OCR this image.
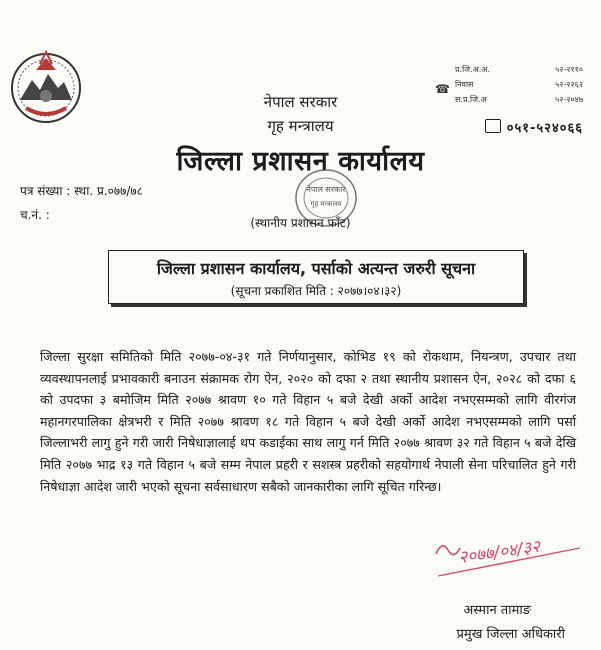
नेपाल सरकार
गृह मन्त्रालय
जिल्ला प्रशासन कार्यालय
☎
प्र.जि.अ.अ.	५२-२११०
निवास	५२-२२६२
स.प्र.जि.अ	५२-२०४७
०५१-५२४०६६
पत्र संख्या : स्था. प्र.०७७/७८
च.नं. :
नेपाल सरकार
गृह मन्त्रालय
(स्थानीय प्रशासन फाँट)
जिल्ला प्रशासन कार्यालय, पर्साको अत्यन्त जरुरी सूचना
(सूचना प्रकाशित मिति : २०७७।०४।३२)
जिल्ला सुरक्षा समितिको मिति २०७७-०४-३१ गते निर्णयानुसार, कोभिड १९ को रोकथाम, नियन्त्रण, उपचार तथा व्यवस्थापनलाई प्रभावकारी बनाउन संक्रामक रोग ऐन, २०२० को दफा २ तथा स्थानीय प्रशासन ऐन, २०२८ को दफा ६ को उपदफा ३ बमोजिम मिति २०७७ श्रावण १० गते विहान ५ बजे देखी अर्को आदेश नभएसम्मको लागि वीरगंज महानगरपालिका क्षेत्रभरी र मिति २०७७ श्रावण १८ गते विहान ५ बजे देखी अर्को आदेश नभएसम्मको लागि पर्सा जिल्लाभरी लागु हुने गरी जारी निषेधाज्ञालाई थप कडाईका साथ लागु गर्न मिति २०७७ श्रावण ३२ गते विहान ५ बजे देखि मिति २०७७ भाद्र १३ गते विहान ५ बजे सम्म नेपाल प्रहरी र सशस्त्र प्रहरीको सहयोगार्थ नेपाली सेना परिचालित हुने गरी निषेधाज्ञा आदेश जारी भएको सूचना सर्वसाधारण सबैको जानकारीका लागि सूचित गरिन्छ।
२०७७/०४/३२
अस्मान तामाङ
प्रमुख जिल्ला अधिकारी
